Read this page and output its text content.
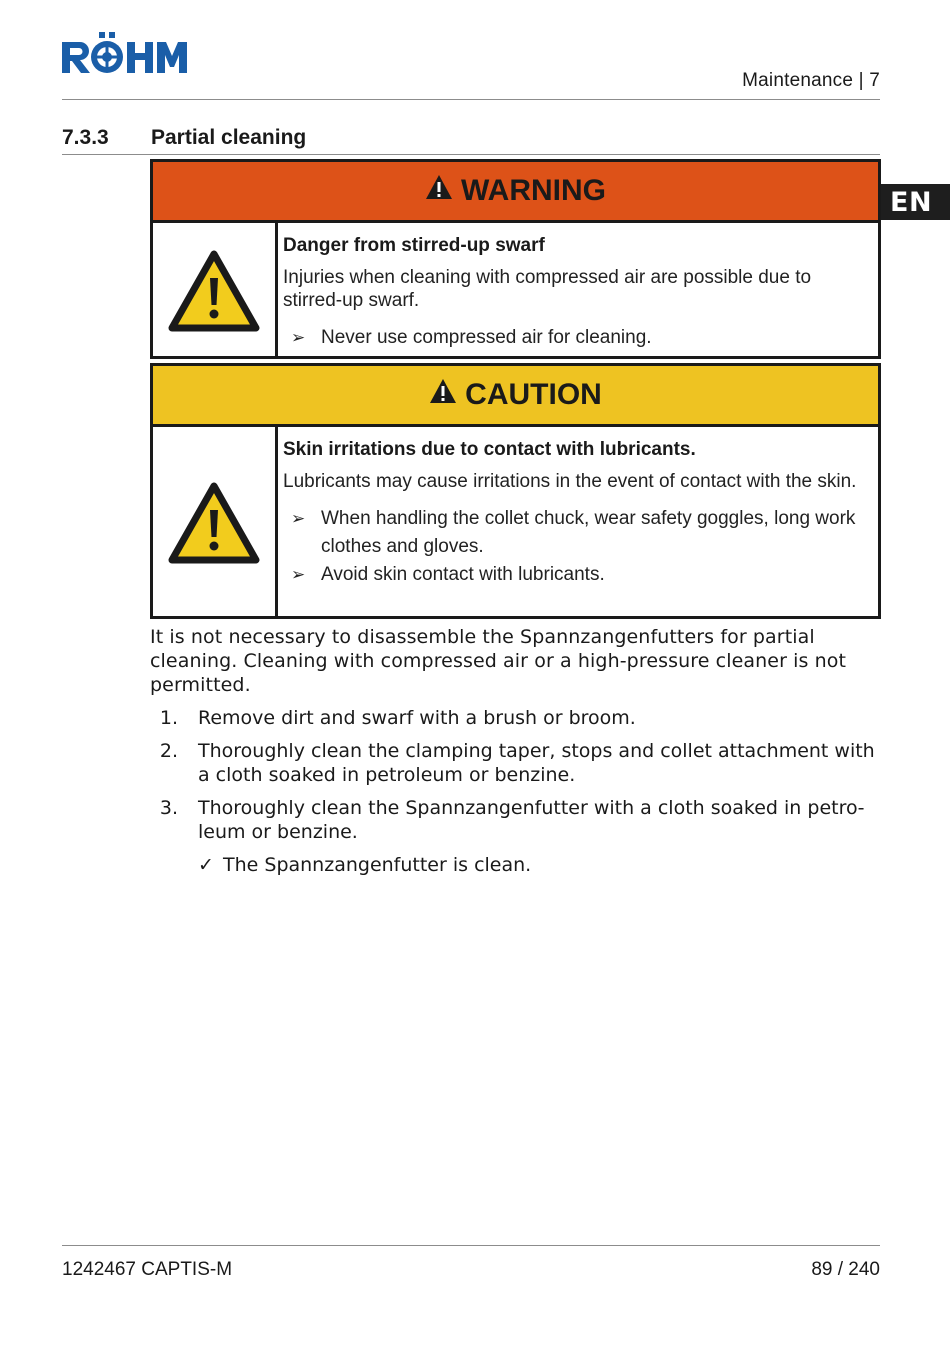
Maintenance | 7
EN
7.3.3 Partial cleaning
WARNING
Danger from stirred-up swarf
Injuries when cleaning with compressed air are possible due to stirred-up swarf.
➢ Never use compressed air for cleaning.
CAUTION
Skin irritations due to contact with lubricants.
Lubricants may cause irritations in the event of contact with the skin.
➢ When handling the collet chuck, wear safety goggles, long work clothes and gloves.
➢ Avoid skin contact with lubricants.
It is not necessary to disassemble the Spannzangenfutters for partial cleaning. Cleaning with compressed air or a high-pressure cleaner is not permitted.
1.	Remove dirt and swarf with a brush or broom.
2.	Thoroughly clean the clamping taper, stops and collet attachment with a cloth soaked in petroleum or benzine.
3.	Thoroughly clean the Spannzangenfutter with a cloth soaked in petroleum or benzine.
✓ The Spannzangenfutter is clean.
1242467 CAPTIS-M	89 / 240
